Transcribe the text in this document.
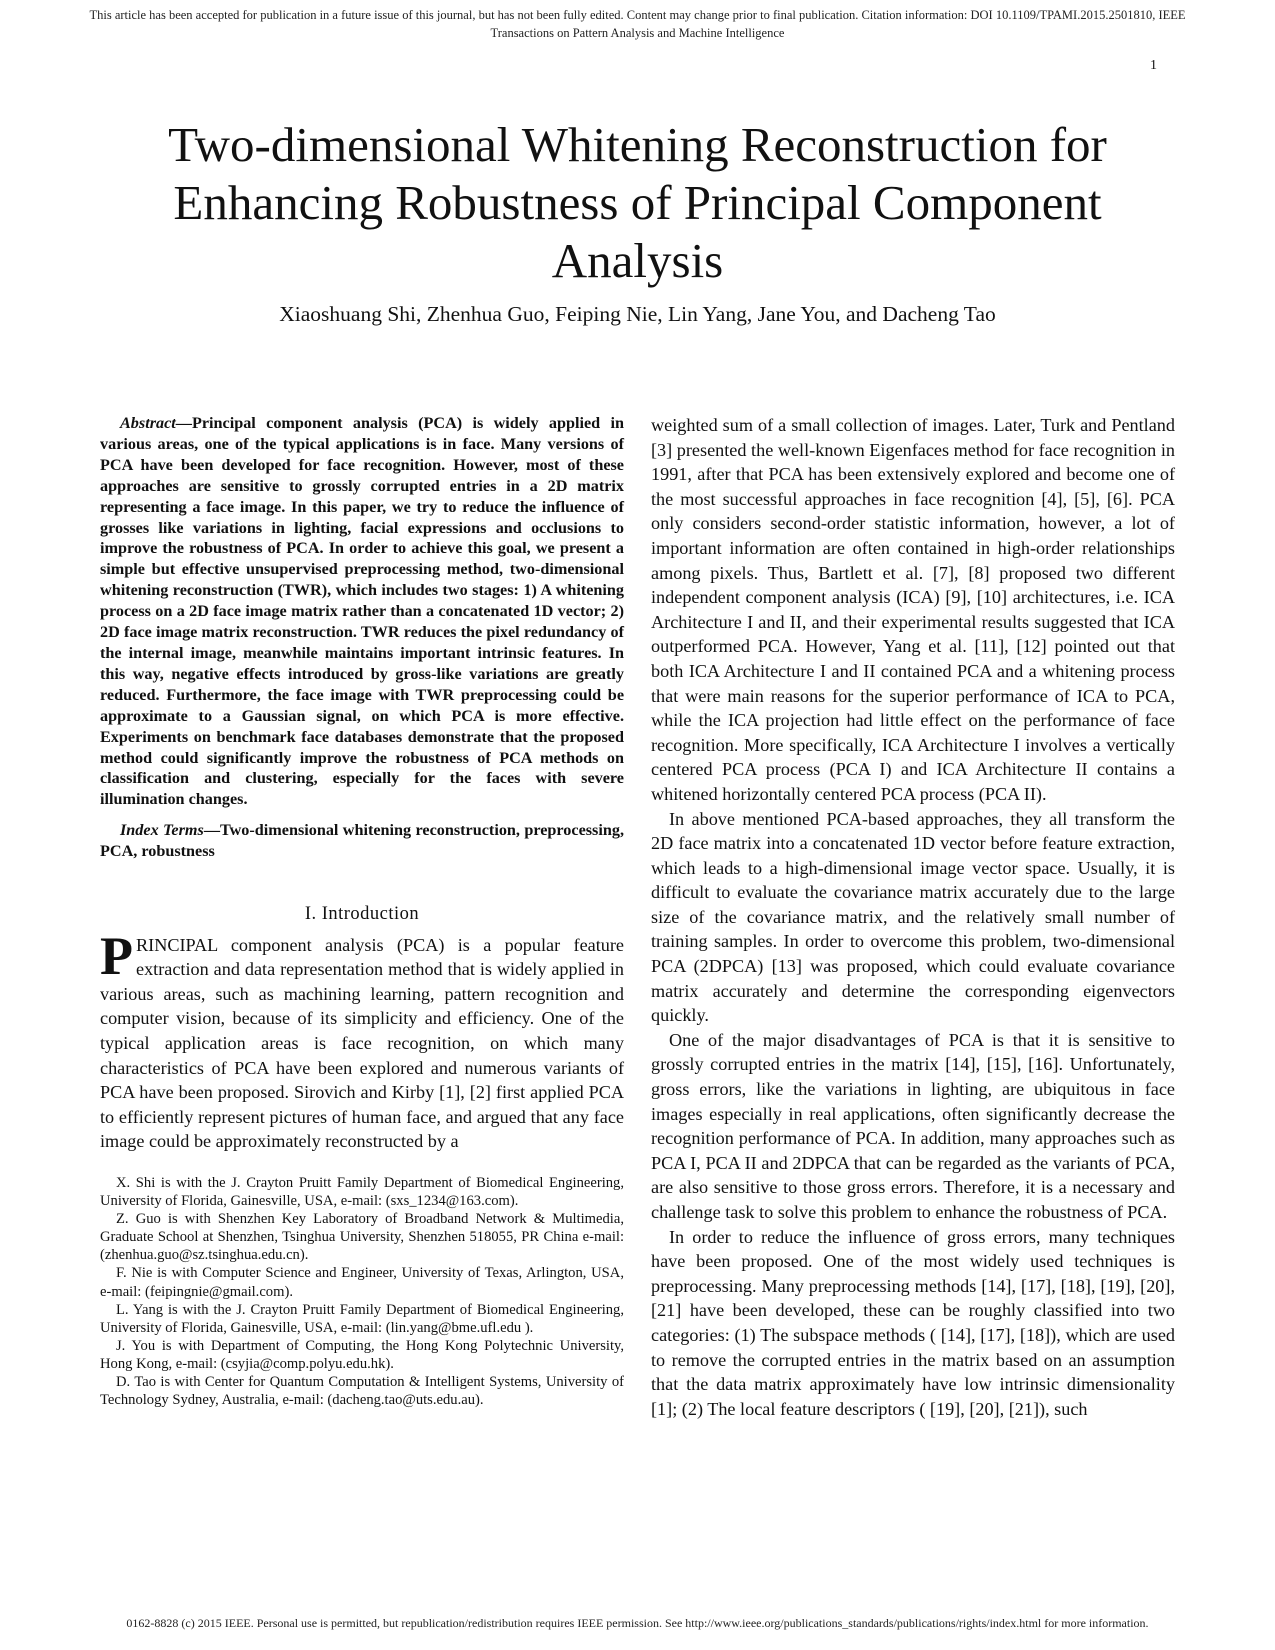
This article has been accepted for publication in a future issue of this journal, but has not been fully edited. Content may change prior to final publication. Citation information: DOI 10.1109/TPAMI.2015.2501810, IEEE
Transactions on Pattern Analysis and Machine Intelligence
1
Two-dimensional Whitening Reconstruction for Enhancing Robustness of Principal Component Analysis
Xiaoshuang Shi, Zhenhua Guo, Feiping Nie, Lin Yang, Jane You, and Dacheng Tao

Abstract—Principal component analysis (PCA) is widely applied in various areas, one of the typical applications is in face. Many versions of PCA have been developed for face recognition. However, most of these approaches are sensitive to grossly corrupted entries in a 2D matrix representing a face image. In this paper, we try to reduce the influence of grosses like variations in lighting, facial expressions and occlusions to improve the robustness of PCA. In order to achieve this goal, we present a simple but effective unsupervised preprocessing method, two-dimensional whitening reconstruction (TWR), which includes two stages: 1) A whitening process on a 2D face image matrix rather than a concatenated 1D vector; 2) 2D face image matrix reconstruction. TWR reduces the pixel redundancy of the internal image, meanwhile maintains important intrinsic features. In this way, negative effects introduced by gross-like variations are greatly reduced. Furthermore, the face image with TWR preprocessing could be approximate to a Gaussian signal, on which PCA is more effective. Experiments on benchmark face databases demonstrate that the proposed method could significantly improve the robustness of PCA methods on classification and clustering, especially for the faces with severe illumination changes.

Index Terms—Two-dimensional whitening reconstruction, preprocessing, PCA, robustness

I. Introduction

PRINCIPAL component analysis (PCA) is a popular feature extraction and data representation method that is widely applied in various areas, such as machining learning, pattern recognition and computer vision, because of its simplicity and efficiency. One of the typical application areas is face recognition, on which many characteristics of PCA have been explored and numerous variants of PCA have been proposed. Sirovich and Kirby [1], [2] first applied PCA to efficiently represent pictures of human face, and argued that any face image could be approximately reconstructed by a

X. Shi is with the J. Crayton Pruitt Family Department of Biomedical Engineering, University of Florida, Gainesville, USA, e-mail: (sxs_1234@163.com).

Z. Guo is with Shenzhen Key Laboratory of Broadband Network & Multimedia, Graduate School at Shenzhen, Tsinghua University, Shenzhen 518055, PR China e-mail: (zhenhua.guo@sz.tsinghua.edu.cn).

F. Nie is with Computer Science and Engineer, University of Texas, Arlington, USA, e-mail: (feipingnie@gmail.com).

L. Yang is with the J. Crayton Pruitt Family Department of Biomedical Engineering, University of Florida, Gainesville, USA, e-mail: (lin.yang@bme.ufl.edu ).

J. You is with Department of Computing, the Hong Kong Polytechnic University, Hong Kong, e-mail: (csyjia@comp.polyu.edu.hk).

D. Tao is with Center for Quantum Computation & Intelligent Systems, University of Technology Sydney, Australia, e-mail: (dacheng.tao@uts.edu.au).

weighted sum of a small collection of images. Later, Turk and Pentland [3] presented the well-known Eigenfaces method for face recognition in 1991, after that PCA has been extensively explored and become one of the most successful approaches in face recognition [4], [5], [6]. PCA only considers second-order statistic information, however, a lot of important information are often contained in high-order relationships among pixels. Thus, Bartlett et al. [7], [8] proposed two different independent component analysis (ICA) [9], [10] architectures, i.e. ICA Architecture I and II, and their experimental results suggested that ICA outperformed PCA. However, Yang et al. [11], [12] pointed out that both ICA Architecture I and II contained PCA and a whitening process that were main reasons for the superior performance of ICA to PCA, while the ICA projection had little effect on the performance of face recognition. More specifically, ICA Architecture I involves a vertically centered PCA process (PCA I) and ICA Architecture II contains a whitened horizontally centered PCA process (PCA II).

In above mentioned PCA-based approaches, they all transform the 2D face matrix into a concatenated 1D vector before feature extraction, which leads to a high-dimensional image vector space. Usually, it is difficult to evaluate the covariance matrix accurately due to the large size of the covariance matrix, and the relatively small number of training samples. In order to overcome this problem, two-dimensional PCA (2DPCA) [13] was proposed, which could evaluate covariance matrix accurately and determine the corresponding eigenvectors quickly.

One of the major disadvantages of PCA is that it is sensitive to grossly corrupted entries in the matrix [14], [15], [16]. Unfortunately, gross errors, like the variations in lighting, are ubiquitous in face images especially in real applications, often significantly decrease the recognition performance of PCA. In addition, many approaches such as PCA I, PCA II and 2DPCA that can be regarded as the variants of PCA, are also sensitive to those gross errors. Therefore, it is a necessary and challenge task to solve this problem to enhance the robustness of PCA.

In order to reduce the influence of gross errors, many techniques have been proposed. One of the most widely used techniques is preprocessing. Many preprocessing methods [14], [17], [18], [19], [20], [21] have been developed, these can be roughly classified into two categories: (1) The subspace methods ( [14], [17], [18]), which are used to remove the corrupted entries in the matrix based on an assumption that the data matrix approximately have low intrinsic dimensionality [1]; (2) The local feature descriptors ( [19], [20], [21]), such

0162-8828 (c) 2015 IEEE. Personal use is permitted, but republication/redistribution requires IEEE permission. See http://www.ieee.org/publications_standards/publications/rights/index.html for more information.
